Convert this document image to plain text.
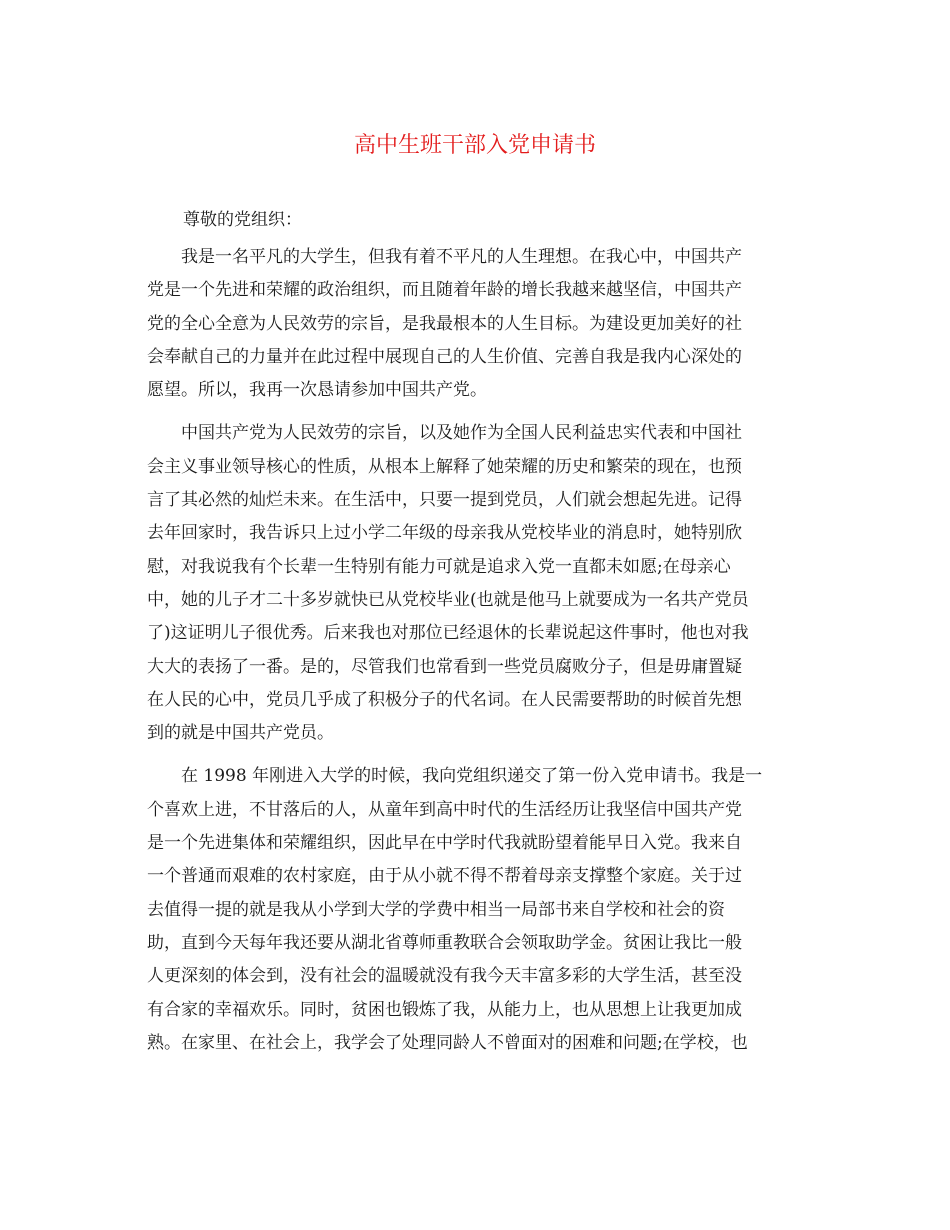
高中生班干部入党申请书
尊敬的党组织：

我是一名平凡的大学生，但我有着不平凡的人生理想。在我心中，中国共产
党是一个先进和荣耀的政治组织，而且随着年龄的增长我越来越坚信，中国共产
党的全心全意为人民效劳的宗旨，是我最根本的人生目标。为建设更加美好的社
会奉献自己的力量并在此过程中展现自己的人生价值、完善自我是我内心深处的
愿望。所以，我再一次恳请参加中国共产党。

中国共产党为人民效劳的宗旨，以及她作为全国人民利益忠实代表和中国社
会主义事业领导核心的性质，从根本上解释了她荣耀的历史和繁荣的现在，也预
言了其必然的灿烂未来。在生活中，只要一提到党员，人们就会想起先进。记得
去年回家时，我告诉只上过小学二年级的母亲我从党校毕业的消息时，她特别欣
慰，对我说我有个长辈一生特别有能力可就是追求入党一直都未如愿;在母亲心
中，她的儿子才二十多岁就快已从党校毕业(也就是他马上就要成为一名共产党员
了)这证明儿子很优秀。后来我也对那位已经退休的长辈说起这件事时，他也对我
大大的表扬了一番。是的，尽管我们也常看到一些党员腐败分子，但是毋庸置疑
在人民的心中，党员几乎成了积极分子的代名词。在人民需要帮助的时候首先想
到的就是中国共产党员。

在 1998 年刚进入大学的时候，我向党组织递交了第一份入党申请书。我是一
个喜欢上进，不甘落后的人，从童年到高中时代的生活经历让我坚信中国共产党
是一个先进集体和荣耀组织，因此早在中学时代我就盼望着能早日入党。我来自
一个普通而艰难的农村家庭，由于从小就不得不帮着母亲支撑整个家庭。关于过
去值得一提的就是我从小学到大学的学费中相当一局部书来自学校和社会的资
助，直到今天每年我还要从湖北省尊师重教联合会领取助学金。贫困让我比一般
人更深刻的体会到，没有社会的温暖就没有我今天丰富多彩的大学生活，甚至没
有合家的幸福欢乐。同时，贫困也锻炼了我，从能力上，也从思想上让我更加成
熟。在家里、在社会上，我学会了处理同龄人不曾面对的困难和问题;在学校，也
